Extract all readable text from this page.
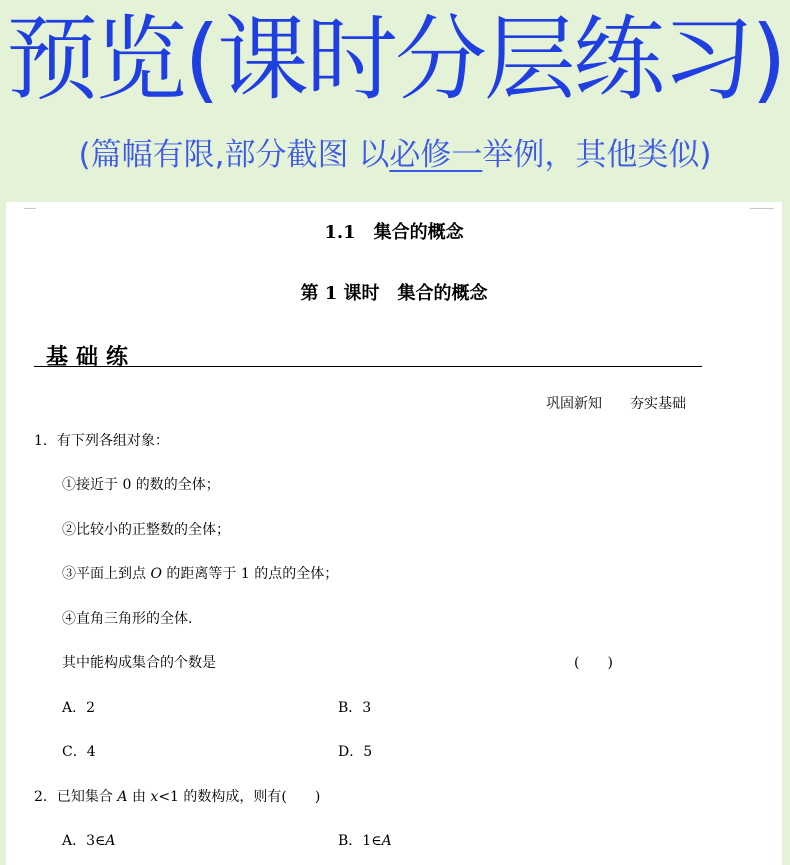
预览(课时分层练习)
(篇幅有限,部分截图 以必修一举例，其他类似)
1.1　集合的概念
第 1 课时　集合的概念
基础练
巩固新知 夯实基础
1．有下列各组对象：
①接近于 0 的数的全体；
②比较小的正整数的全体；
③平面上到点 O 的距离等于 1 的点的全体；
④直角三角形的全体．
其中能构成集合的个数是	(　　)
A．2	B．3
C．4	D．5
2．已知集合 A 由 x<1 的数构成，则有(　　)
A．3∈A	B．1∈A
